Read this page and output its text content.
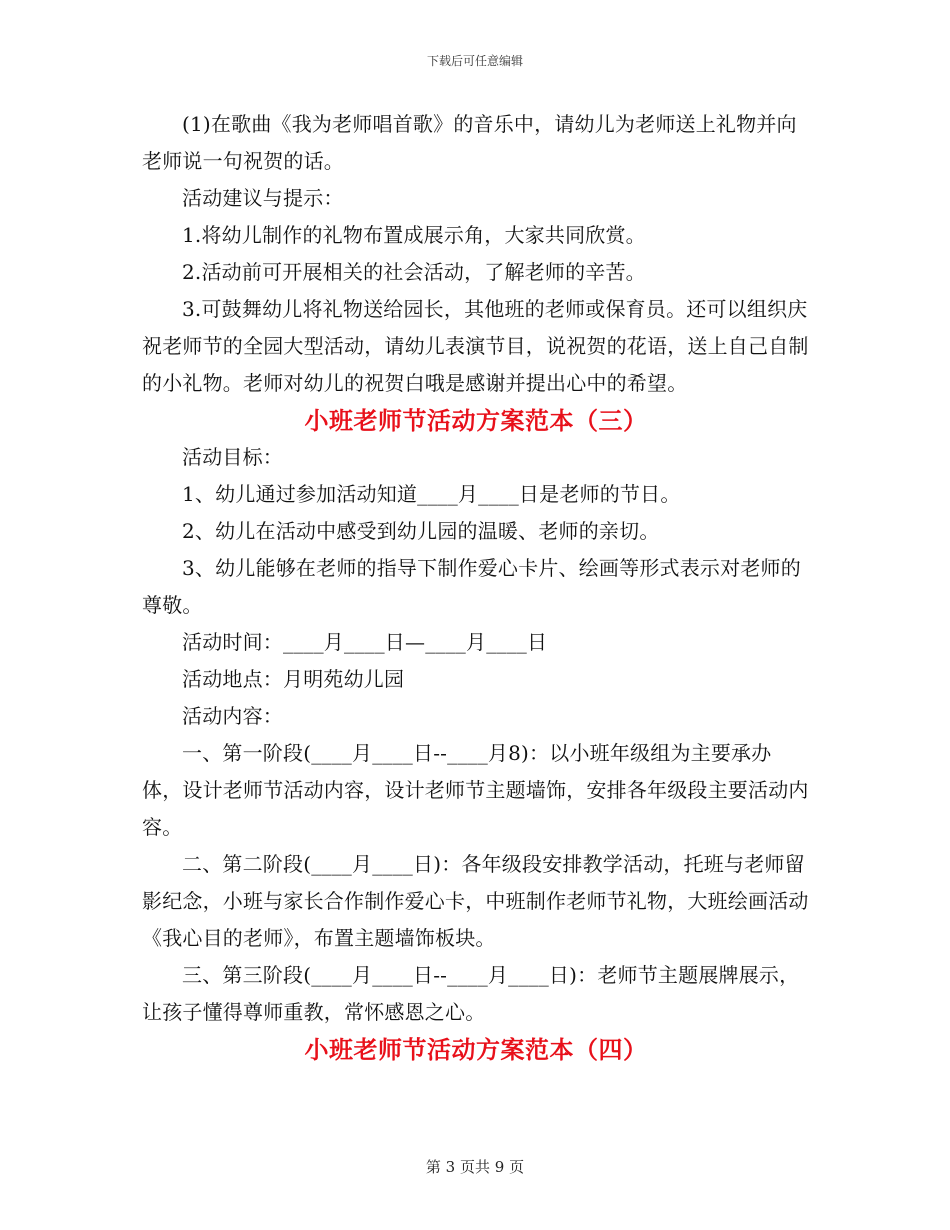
下载后可任意编辑

(1)在歌曲《我为老师唱首歌》的音乐中，请幼儿为老师送上礼物并向老师说一句祝贺的话。

活动建议与提示：

1.将幼儿制作的礼物布置成展示角，大家共同欣赏。

2.活动前可开展相关的社会活动，了解老师的辛苦。

3.可鼓舞幼儿将礼物送给园长，其他班的老师或保育员。还可以组织庆祝老师节的全园大型活动，请幼儿表演节目，说祝贺的花语，送上自己自制的小礼物。老师对幼儿的祝贺白哦是感谢并提出心中的希望。

小班老师节活动方案范本（三）

活动目标：

1、幼儿通过参加活动知道____月____日是老师的节日。

2、幼儿在活动中感受到幼儿园的温暖、老师的亲切。

3、幼儿能够在老师的指导下制作爱心卡片、绘画等形式表示对老师的尊敬。

活动时间：____月____日—____月____日

活动地点：月明苑幼儿园

活动内容：

一、第一阶段(____月____日--____月8)：以小班年级组为主要承办体，设计老师节活动内容，设计老师节主题墙饰，安排各年级段主要活动内容。

二、第二阶段(____月____日)：各年级段安排教学活动，托班与老师留影纪念，小班与家长合作制作爱心卡，中班制作老师节礼物，大班绘画活动《我心目的老师》，布置主题墙饰板块。

三、第三阶段(____月____日--____月____日)：老师节主题展牌展示，让孩子懂得尊师重教，常怀感恩之心。

小班老师节活动方案范本（四）

第 3 页共 9 页
